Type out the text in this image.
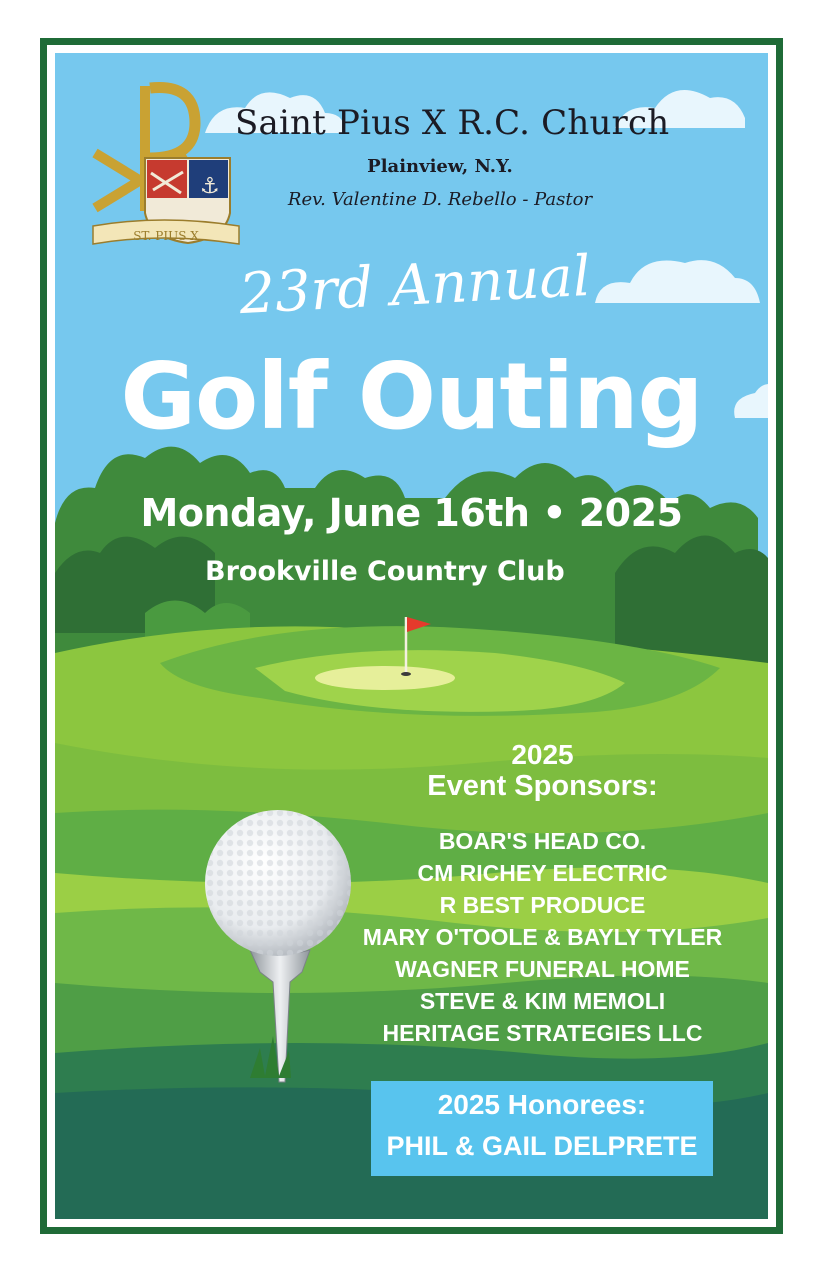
⚓
ST. PIUS X
Saint Pius X R.C. Church
Plainview, N.Y.
Rev. Valentine D. Rebello - Pastor
23rd Annual
Golf Outing
Monday, June 16th • 2025
Brookville Country Club
2025
Event Sponsors:
BOAR'S HEAD CO.
CM RICHEY ELECTRIC
R BEST PRODUCE
MARY O'TOOLE & BAYLY TYLER
WAGNER FUNERAL HOME
STEVE & KIM MEMOLI
HERITAGE STRATEGIES LLC
2025 Honorees:
PHIL & GAIL DELPRETE
